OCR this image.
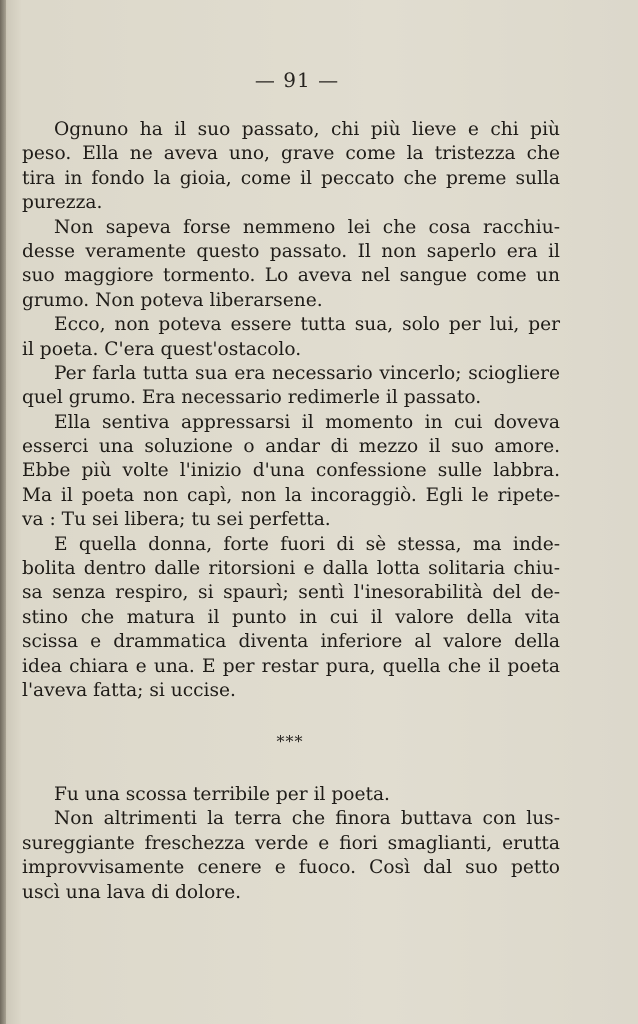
— 91 —
Ognuno ha il suo passato, chi più lieve e chi più
peso. Ella ne aveva uno, grave come la tristezza che
tira in fondo la gioia, come il peccato che preme sulla
purezza.
Non sapeva forse nemmeno lei che cosa racchiu-
desse veramente questo passato. Il non saperlo era il
suo maggiore tormento. Lo aveva nel sangue come un
grumo. Non poteva liberarsene.
Ecco, non poteva essere tutta sua, solo per lui, per
il poeta. C'era quest'ostacolo.
Per farla tutta sua era necessario vincerlo; sciogliere
quel grumo. Era necessario redimerle il passato.
Ella sentiva appressarsi il momento in cui doveva
esserci una soluzione o andar di mezzo il suo amore.
Ebbe più volte l'inizio d'una confessione sulle labbra.
Ma il poeta non capì, non la incoraggiò. Egli le ripete-
va : Tu sei libera; tu sei perfetta.
E quella donna, forte fuori di sè stessa, ma inde-
bolita dentro dalle ritorsioni e dalla lotta solitaria chiu-
sa senza respiro, si spaurì; sentì l'inesorabilità del de-
stino che matura il punto in cui il valore della vita
scissa e drammatica diventa inferiore al valore della
idea chiara e una. E per restar pura, quella che il poeta
l'aveva fatta; si uccise.
***
Fu una scossa terribile per il poeta.
Non altrimenti la terra che finora buttava con lus-
sureggiante freschezza verde e fiori smaglianti, erutta
improvvisamente cenere e fuoco. Così dal suo petto
uscì una lava di dolore.
